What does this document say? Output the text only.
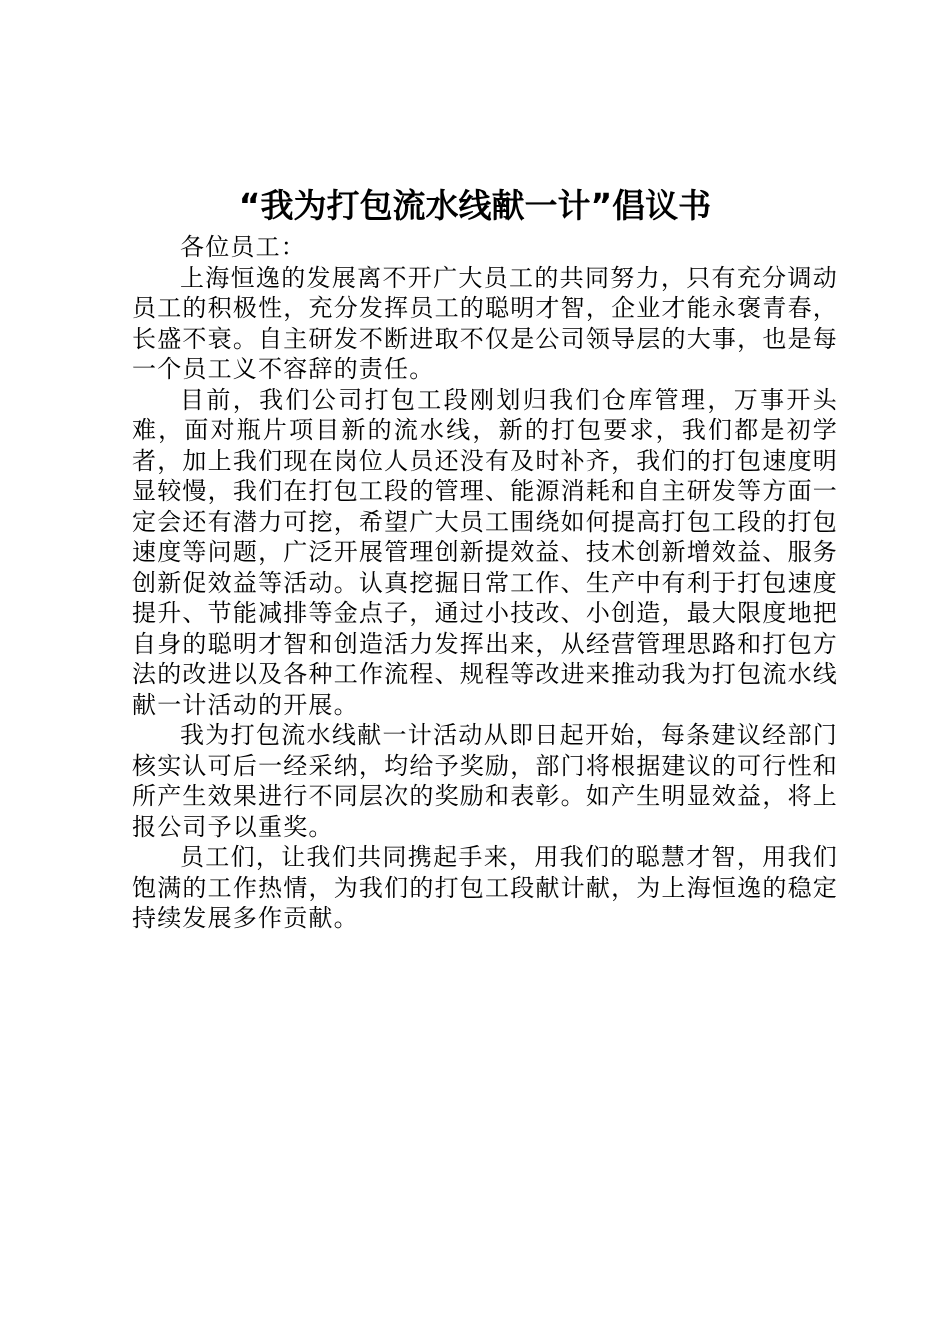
“我为打包流水线献一计”倡议书

各位员工：

上海恒逸的发展离不开广大员工的共同努力，只有充分调动员工的积极性，充分发挥员工的聪明才智，企业才能永褒青春，长盛不衰。自主研发不断进取不仅是公司领导层的大事，也是每一个员工义不容辞的责任。

目前，我们公司打包工段刚划归我们仓库管理，万事开头难，面对瓶片项目新的流水线，新的打包要求，我们都是初学者，加上我们现在岗位人员还没有及时补齐，我们的打包速度明显较慢，我们在打包工段的管理、能源消耗和自主研发等方面一定会还有潜力可挖，希望广大员工围绕如何提高打包工段的打包速度等问题，广泛开展管理创新提效益、技术创新增效益、服务创新促效益等活动。认真挖掘日常工作、生产中有利于打包速度提升、节能减排等金点子，通过小技改、小创造，最大限度地把自身的聪明才智和创造活力发挥出来，从经营管理思路和打包方法的改进以及各种工作流程、规程等改进来推动我为打包流水线献一计活动的开展。

我为打包流水线献一计活动从即日起开始，每条建议经部门核实认可后一经采纳，均给予奖励，部门将根据建议的可行性和所产生效果进行不同层次的奖励和表彰。如产生明显效益，将上报公司予以重奖。

员工们，让我们共同携起手来，用我们的聪慧才智，用我们饱满的工作热情，为我们的打包工段献计献，为上海恒逸的稳定持续发展多作贡献。
